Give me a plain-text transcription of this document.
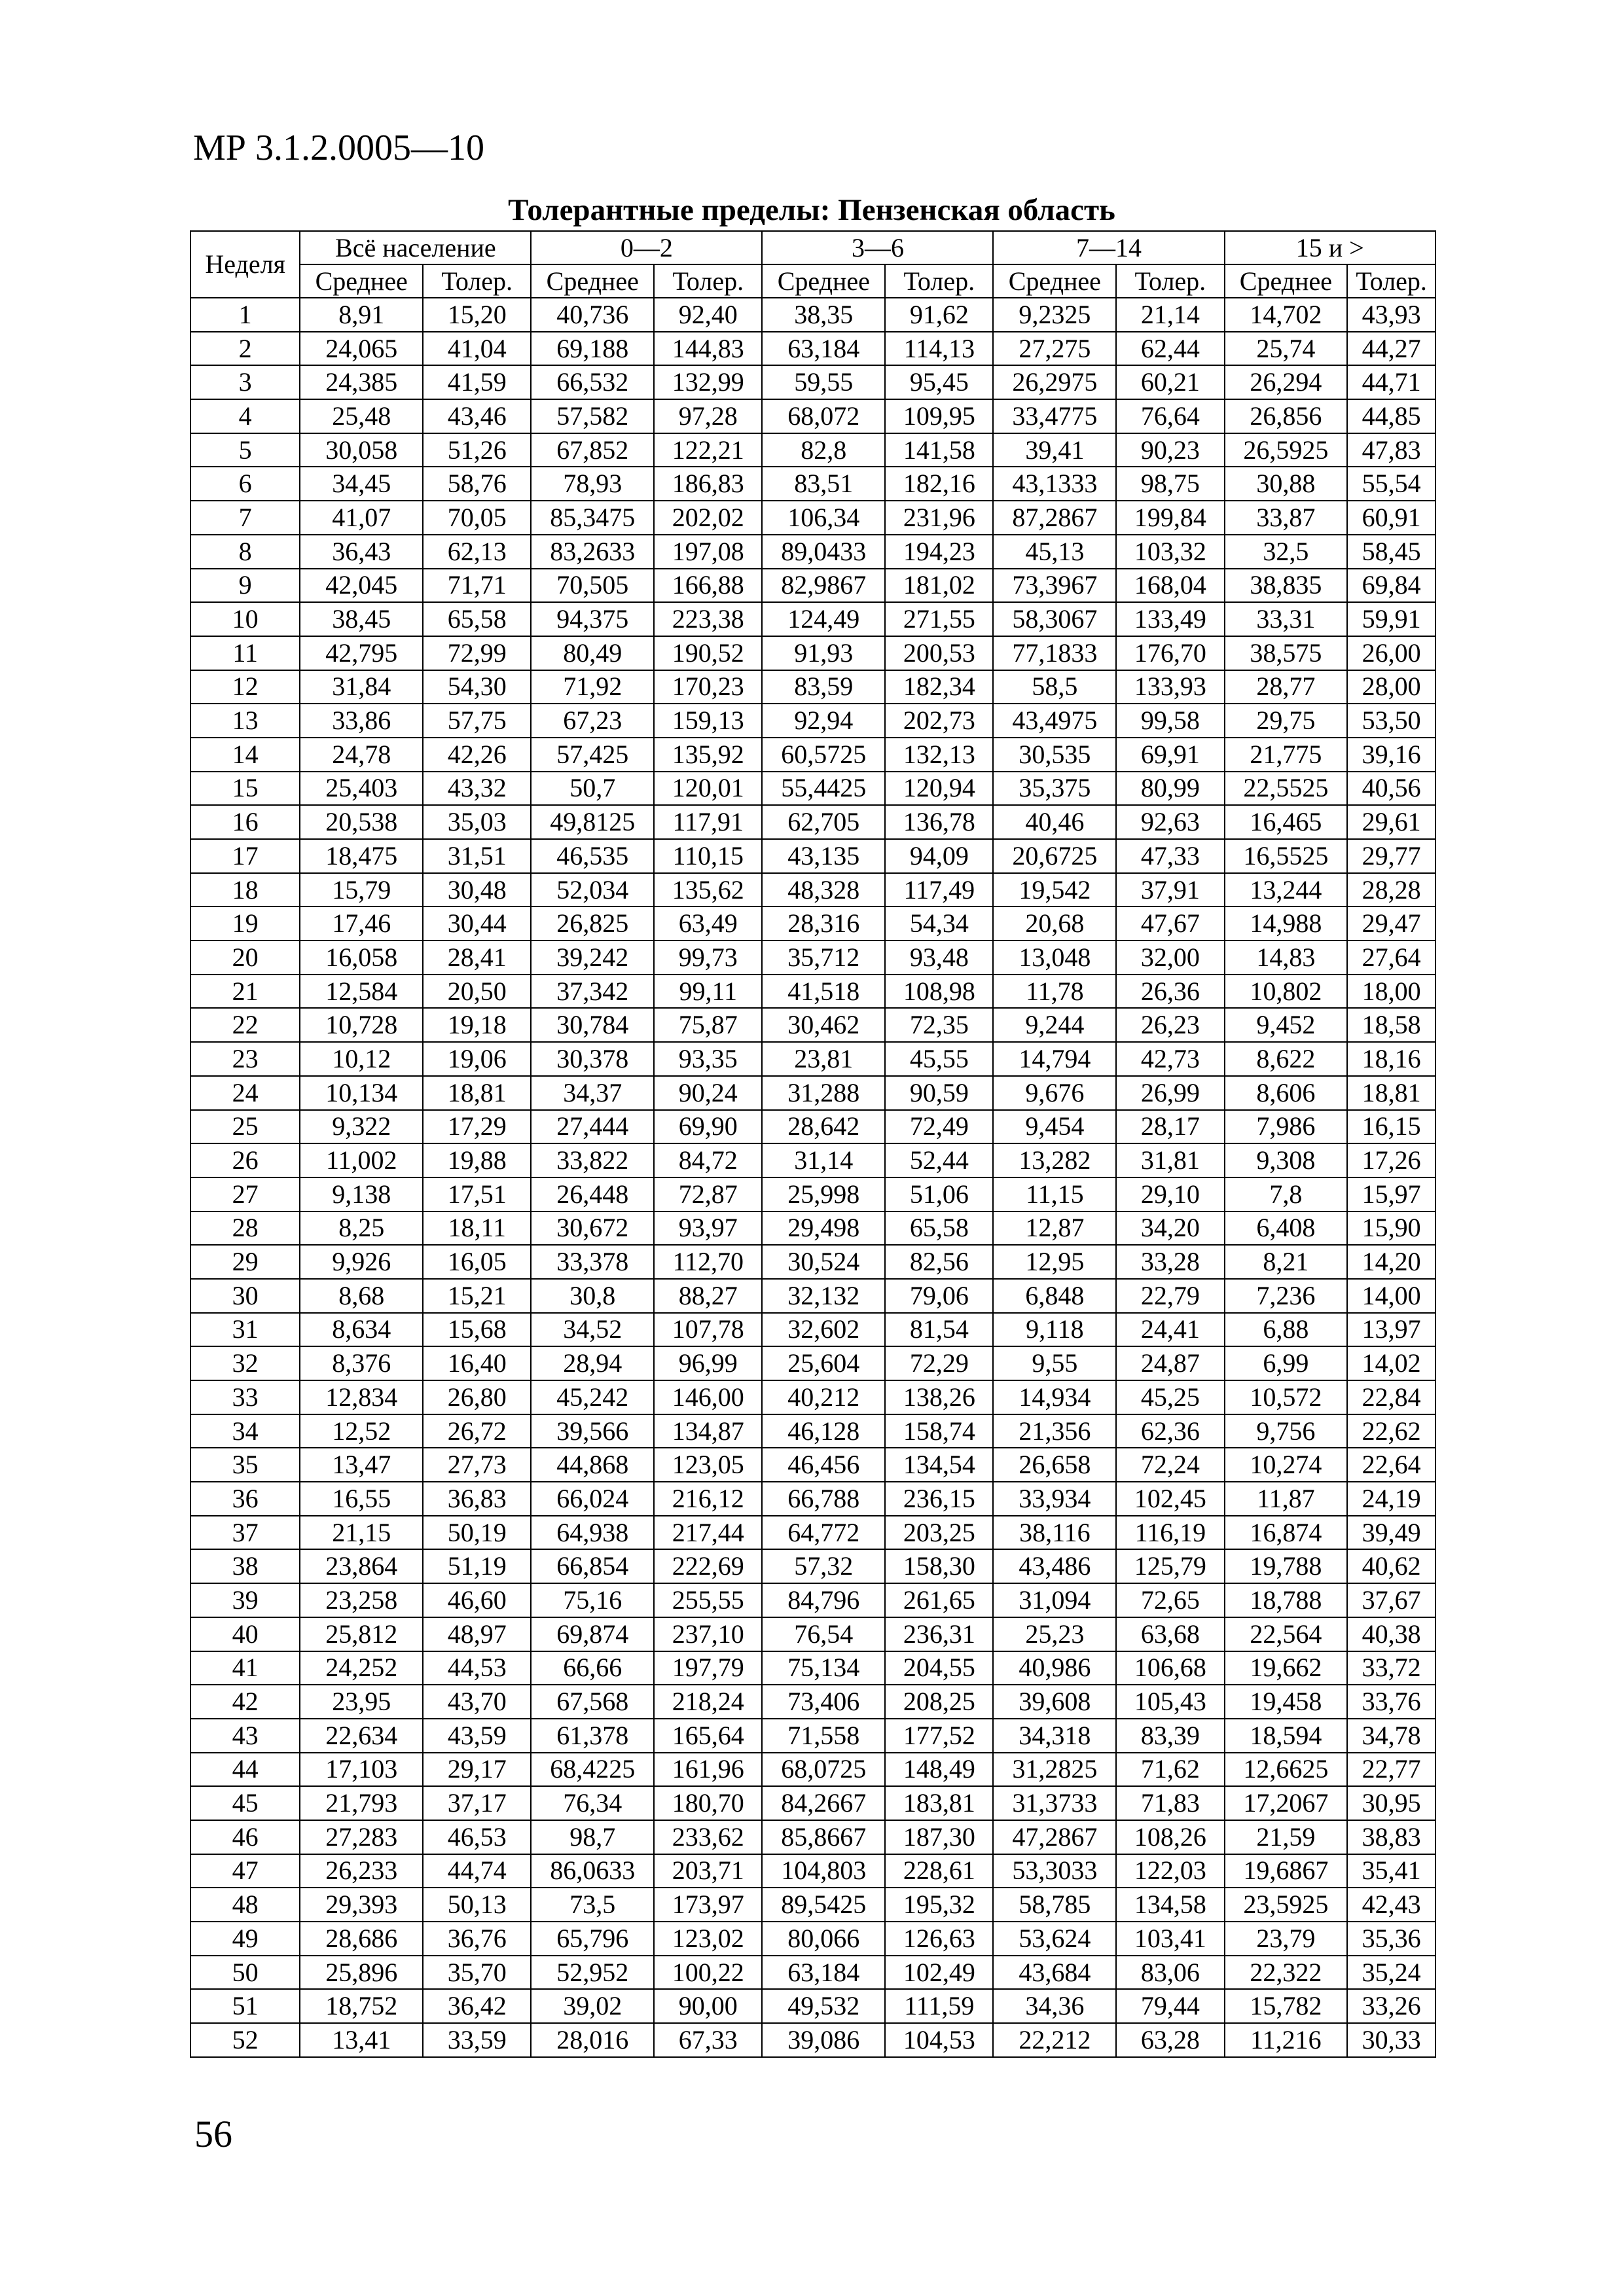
МР 3.1.2.0005—10
Толерантные пределы: Пензенская область
Неделя	Всё население		0—2		3—6		7—14		15 и >	
	Среднее	Толер.	Среднее	Толер.	Среднее	Толер.	Среднее	Толер.	Среднее	Толер.
1	8,91	15,20	40,736	92,40	38,35	91,62	9,2325	21,14	14,702	43,93
2	24,065	41,04	69,188	144,83	63,184	114,13	27,275	62,44	25,74	44,27
3	24,385	41,59	66,532	132,99	59,55	95,45	26,2975	60,21	26,294	44,71
4	25,48	43,46	57,582	97,28	68,072	109,95	33,4775	76,64	26,856	44,85
5	30,058	51,26	67,852	122,21	82,8	141,58	39,41	90,23	26,5925	47,83
6	34,45	58,76	78,93	186,83	83,51	182,16	43,1333	98,75	30,88	55,54
7	41,07	70,05	85,3475	202,02	106,34	231,96	87,2867	199,84	33,87	60,91
8	36,43	62,13	83,2633	197,08	89,0433	194,23	45,13	103,32	32,5	58,45
9	42,045	71,71	70,505	166,88	82,9867	181,02	73,3967	168,04	38,835	69,84
10	38,45	65,58	94,375	223,38	124,49	271,55	58,3067	133,49	33,31	59,91
11	42,795	72,99	80,49	190,52	91,93	200,53	77,1833	176,70	38,575	26,00
12	31,84	54,30	71,92	170,23	83,59	182,34	58,5	133,93	28,77	28,00
13	33,86	57,75	67,23	159,13	92,94	202,73	43,4975	99,58	29,75	53,50
14	24,78	42,26	57,425	135,92	60,5725	132,13	30,535	69,91	21,775	39,16
15	25,403	43,32	50,7	120,01	55,4425	120,94	35,375	80,99	22,5525	40,56
16	20,538	35,03	49,8125	117,91	62,705	136,78	40,46	92,63	16,465	29,61
17	18,475	31,51	46,535	110,15	43,135	94,09	20,6725	47,33	16,5525	29,77
18	15,79	30,48	52,034	135,62	48,328	117,49	19,542	37,91	13,244	28,28
19	17,46	30,44	26,825	63,49	28,316	54,34	20,68	47,67	14,988	29,47
20	16,058	28,41	39,242	99,73	35,712	93,48	13,048	32,00	14,83	27,64
21	12,584	20,50	37,342	99,11	41,518	108,98	11,78	26,36	10,802	18,00
22	10,728	19,18	30,784	75,87	30,462	72,35	9,244	26,23	9,452	18,58
23	10,12	19,06	30,378	93,35	23,81	45,55	14,794	42,73	8,622	18,16
24	10,134	18,81	34,37	90,24	31,288	90,59	9,676	26,99	8,606	18,81
25	9,322	17,29	27,444	69,90	28,642	72,49	9,454	28,17	7,986	16,15
26	11,002	19,88	33,822	84,72	31,14	52,44	13,282	31,81	9,308	17,26
27	9,138	17,51	26,448	72,87	25,998	51,06	11,15	29,10	7,8	15,97
28	8,25	18,11	30,672	93,97	29,498	65,58	12,87	34,20	6,408	15,90
29	9,926	16,05	33,378	112,70	30,524	82,56	12,95	33,28	8,21	14,20
30	8,68	15,21	30,8	88,27	32,132	79,06	6,848	22,79	7,236	14,00
31	8,634	15,68	34,52	107,78	32,602	81,54	9,118	24,41	6,88	13,97
32	8,376	16,40	28,94	96,99	25,604	72,29	9,55	24,87	6,99	14,02
33	12,834	26,80	45,242	146,00	40,212	138,26	14,934	45,25	10,572	22,84
34	12,52	26,72	39,566	134,87	46,128	158,74	21,356	62,36	9,756	22,62
35	13,47	27,73	44,868	123,05	46,456	134,54	26,658	72,24	10,274	22,64
36	16,55	36,83	66,024	216,12	66,788	236,15	33,934	102,45	11,87	24,19
37	21,15	50,19	64,938	217,44	64,772	203,25	38,116	116,19	16,874	39,49
38	23,864	51,19	66,854	222,69	57,32	158,30	43,486	125,79	19,788	40,62
39	23,258	46,60	75,16	255,55	84,796	261,65	31,094	72,65	18,788	37,67
40	25,812	48,97	69,874	237,10	76,54	236,31	25,23	63,68	22,564	40,38
41	24,252	44,53	66,66	197,79	75,134	204,55	40,986	106,68	19,662	33,72
42	23,95	43,70	67,568	218,24	73,406	208,25	39,608	105,43	19,458	33,76
43	22,634	43,59	61,378	165,64	71,558	177,52	34,318	83,39	18,594	34,78
44	17,103	29,17	68,4225	161,96	68,0725	148,49	31,2825	71,62	12,6625	22,77
45	21,793	37,17	76,34	180,70	84,2667	183,81	31,3733	71,83	17,2067	30,95
46	27,283	46,53	98,7	233,62	85,8667	187,30	47,2867	108,26	21,59	38,83
47	26,233	44,74	86,0633	203,71	104,803	228,61	53,3033	122,03	19,6867	35,41
48	29,393	50,13	73,5	173,97	89,5425	195,32	58,785	134,58	23,5925	42,43
49	28,686	36,76	65,796	123,02	80,066	126,63	53,624	103,41	23,79	35,36
50	25,896	35,70	52,952	100,22	63,184	102,49	43,684	83,06	22,322	35,24
51	18,752	36,42	39,02	90,00	49,532	111,59	34,36	79,44	15,782	33,26
52	13,41	33,59	28,016	67,33	39,086	104,53	22,212	63,28	11,216	30,33
56
